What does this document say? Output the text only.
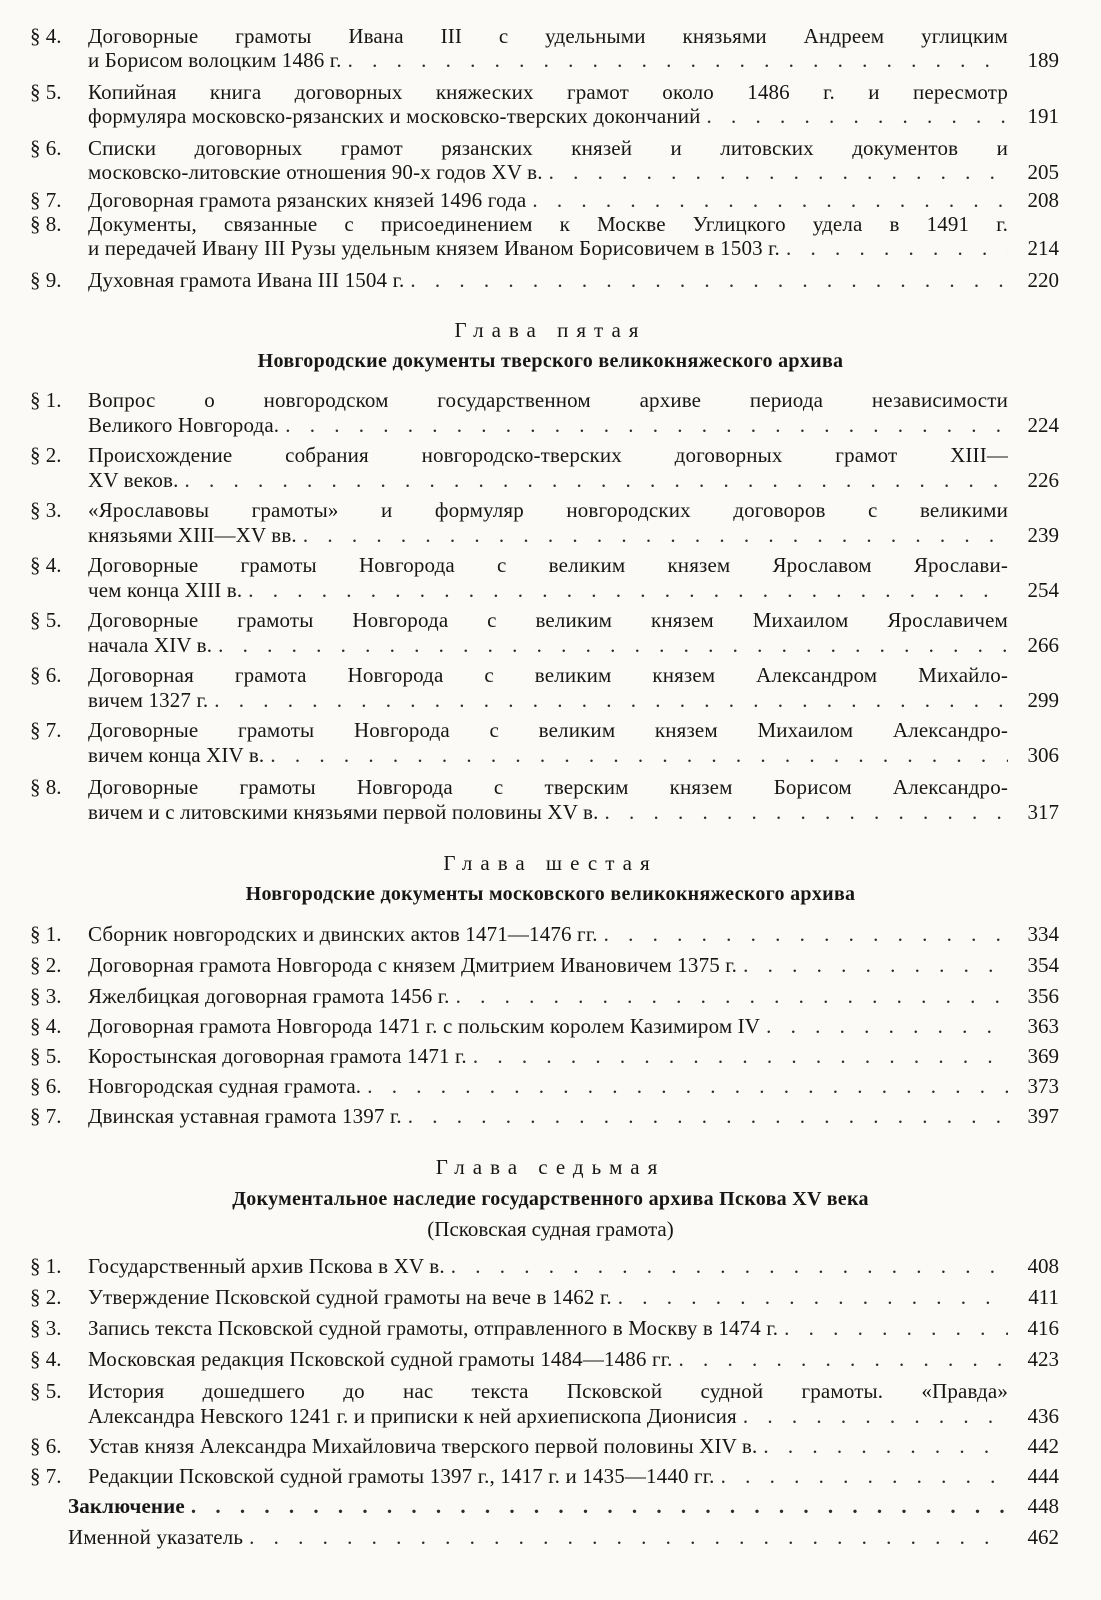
§ 4. Договорные грамоты Ивана III с удельными князьями Андреем углицким
и Борисом волоцким 1486 г. . . .	189
§ 5. Копийная книга договорных княжеских грамот около 1486 г. и пересмотр
формуляра московско-рязанских и московско-тверских докончаний . . .	191
§ 6. Списки договорных грамот рязанских князей и литовских документов и
московско-литовские отношения 90-х годов XV в. . . .	205
§ 7. Договорная грамота рязанских князей 1496 года . . .	208
§ 8. Документы, связанные с присоединением к Москве Углицкого удела в 1491 г.
и передачей Ивану III Рузы удельным князем Иваном Борисовичем в 1503 г. . . .	214
§ 9. Духовная грамота Ивана III 1504 г. . . .	220
Глава пятая
Новгородские документы тверского великокняжеского архива
§ 1. Вопрос о новгородском государственном архиве периода независимости
Великого Новгорода. . . .	224
§ 2. Происхождение собрания новгородско-тверских договорных грамот XIII—
XV веков. . . .	226
§ 3. «Ярославовы грамоты» и формуляр новгородских договоров с великими
князьями XIII—XV вв. . . .	239
§ 4. Договорные грамоты Новгорода с великим князем Ярославом Ярослави-
чем конца XIII в. . . .	254
§ 5. Договорные грамоты Новгорода с великим князем Михаилом Ярославичем
начала XIV в. . . .	266
§ 6. Договорная грамота Новгорода с великим князем Александром Михайло-
вичем 1327 г. . . .	299
§ 7. Договорные грамоты Новгорода с великим князем Михаилом Александро-
вичем конца XIV в. . . .	306
§ 8. Договорные грамоты Новгорода с тверским князем Борисом Александро-
вичем и с литовскими князьями первой половины XV в. . . .	317
Глава шестая
Новгородские документы московского великокняжеского архива
§ 1. Сборник новгородских и двинских актов 1471—1476 гг. . . .	334
§ 2. Договорная грамота Новгорода с князем Дмитрием Ивановичем 1375 г. . . .	354
§ 3. Яжелбицкая договорная грамота 1456 г. . . .	356
§ 4. Договорная грамота Новгорода 1471 г. с польским королем Казимиром IV . . .	363
§ 5. Коростынская договорная грамота 1471 г. . . .	369
§ 6. Новгородская судная грамота. . . .	373
§ 7. Двинская уставная грамота 1397 г. . . .	397
Глава седьмая
Документальное наследие государственного архива Пскова XV века
(Псковская судная грамота)
§ 1. Государственный архив Пскова в XV в. . . .	408
§ 2. Утверждение Псковской судной грамоты на вече в 1462 г. . . .	411
§ 3. Запись текста Псковской судной грамоты, отправленного в Москву в 1474 г. . . .	416
§ 4. Московская редакция Псковской судной грамоты 1484—1486 гг. . . .	423
§ 5. История дошедшего до нас текста Псковской судной грамоты. «Правда»
Александра Невского 1241 г. и приписки к ней архиепископа Дионисия . . .	436
§ 6. Устав князя Александра Михайловича тверского первой половины XIV в. . . .	442
§ 7. Редакции Псковской судной грамоты 1397 г., 1417 г. и 1435—1440 гг. . . .	444
Заключение . . .	448
Именной указатель . . .	462
